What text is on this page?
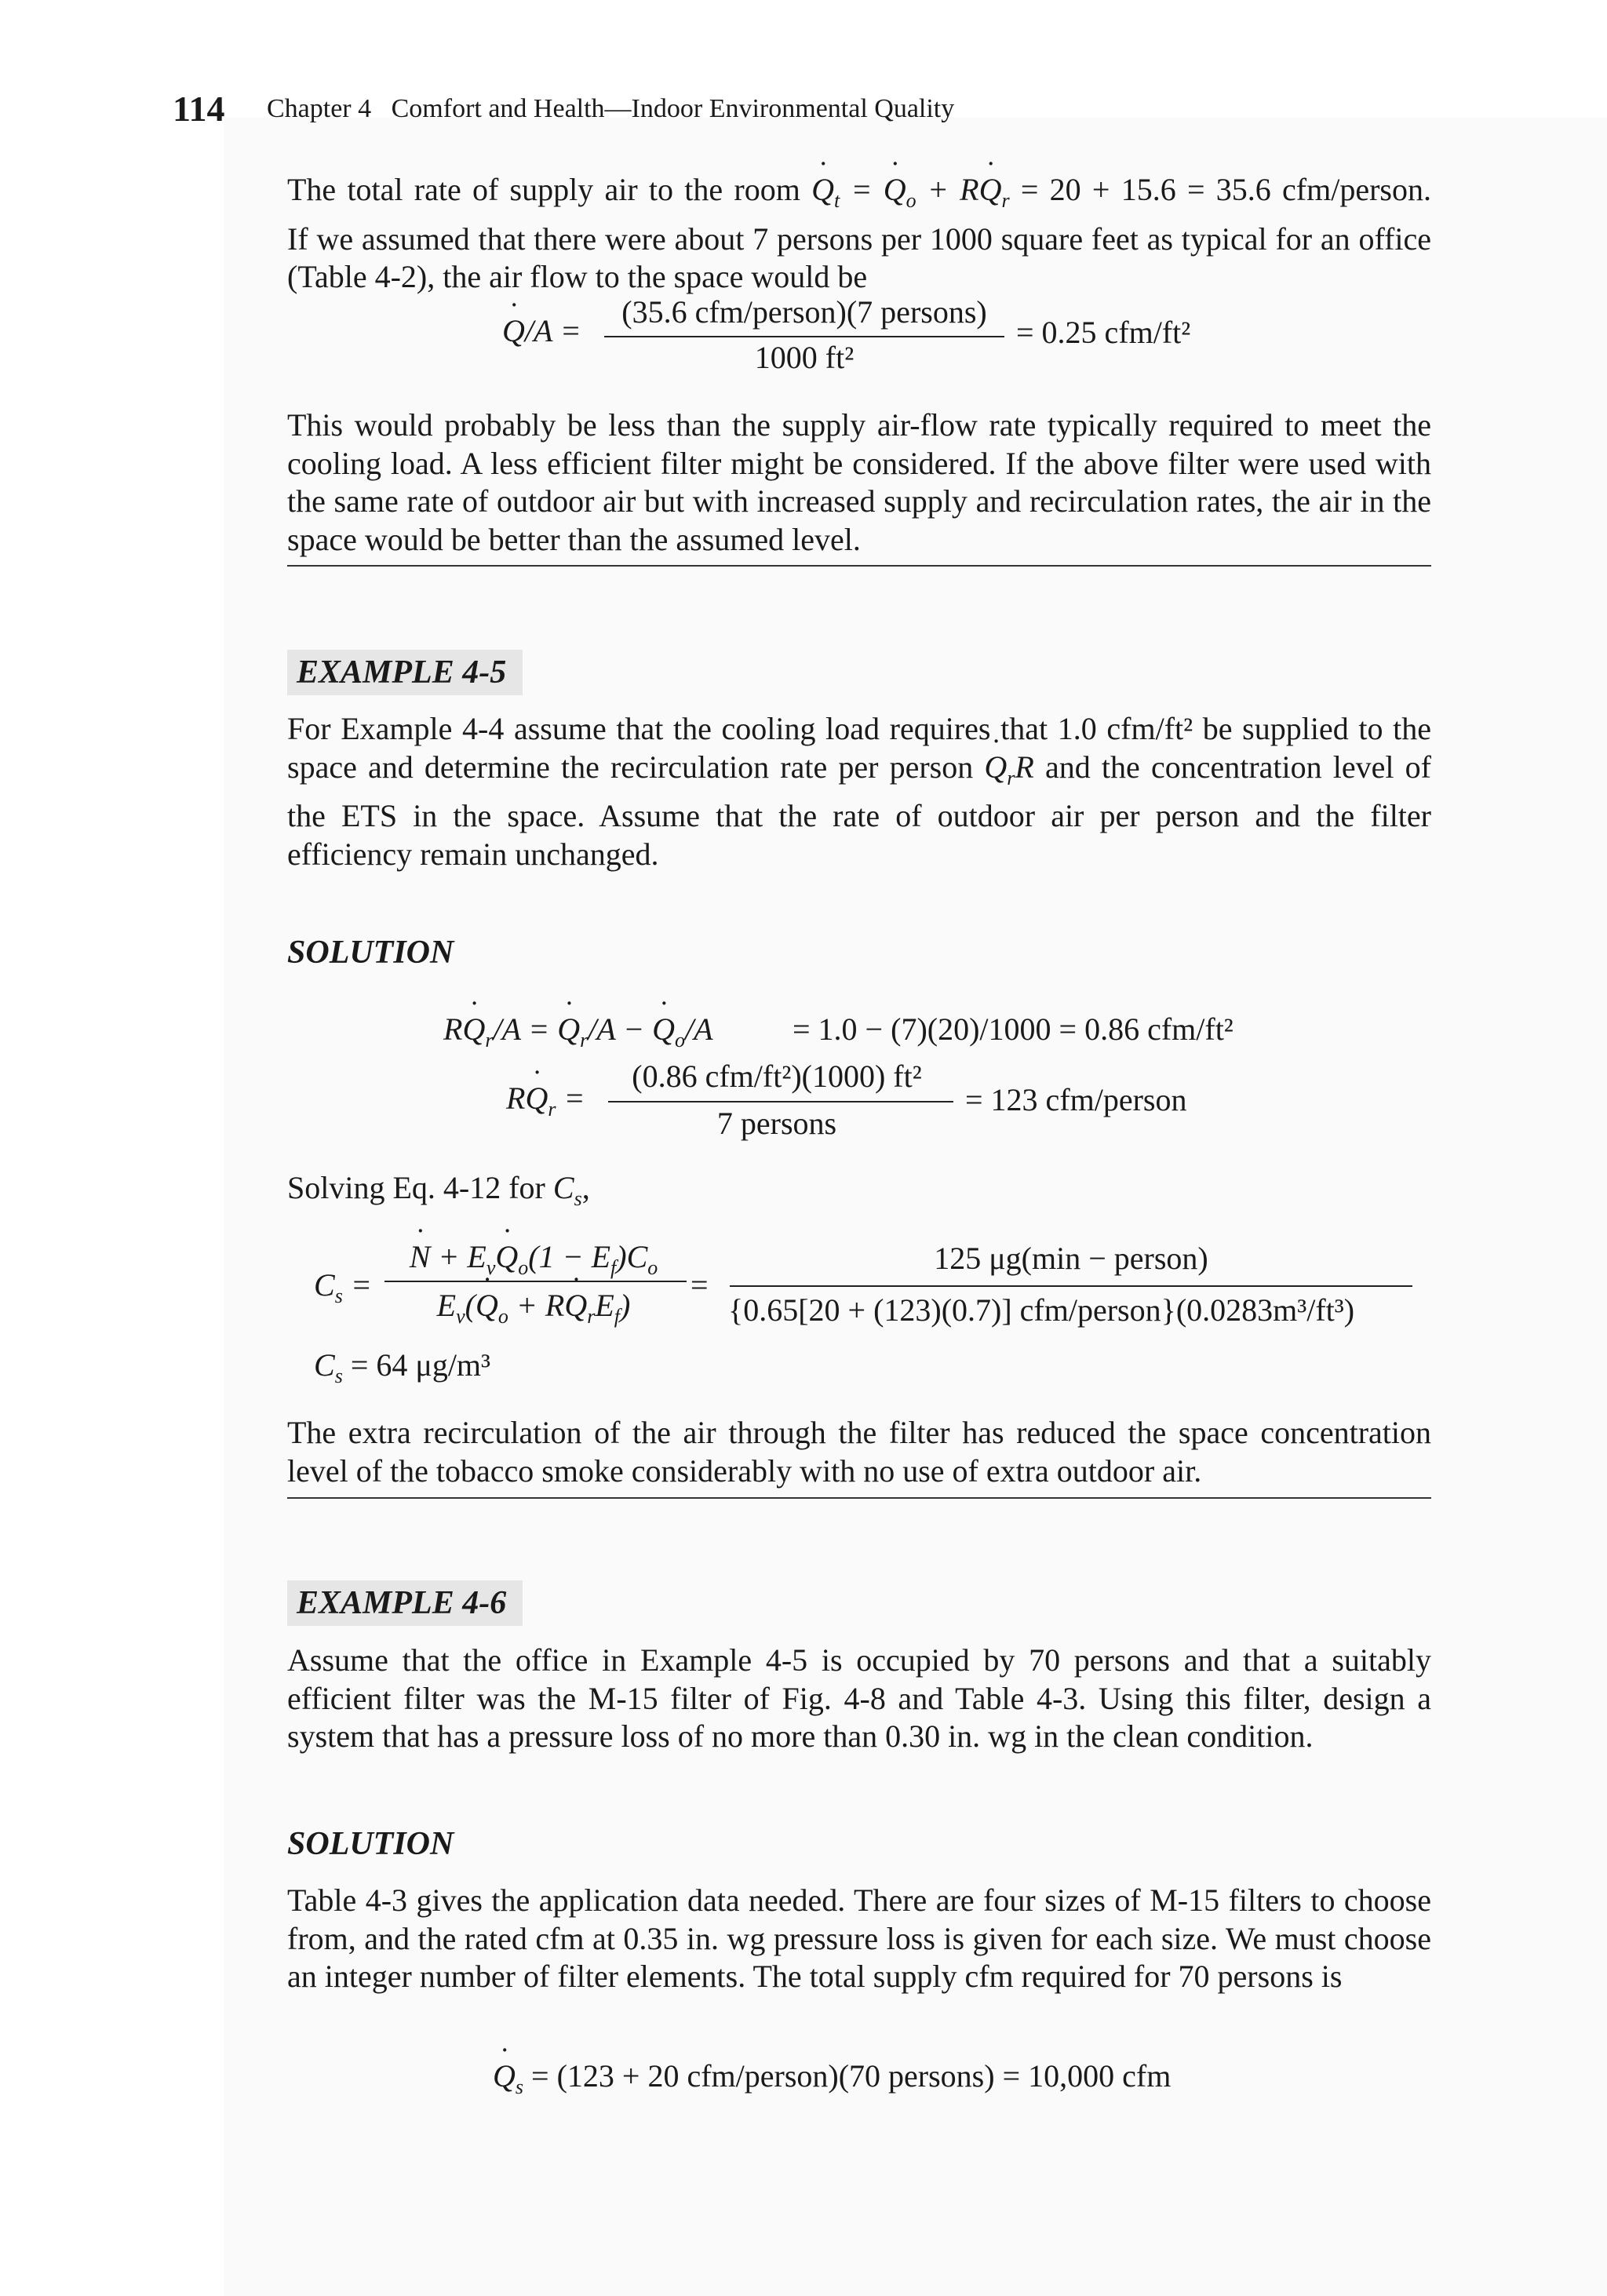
114 Chapter 4   Comfort and Health—Indoor Environmental Quality
The total rate of supply air to the room Q $˙_t = Q$ $˙_o$ + RQ $˙_r = 20 + 15.6 = 35.6$ cfm/person.
If we assumed that there were about 7 persons per 1000 square feet as typical for an office (Table 4-2), the air flow to the space would be
Q ˙/A =
(35.6 cfm/person)(7 persons)
1000 ft²
= 0.25 cfm/ft²
This would probably be less than the supply air-flow rate typically required to meet the cooling load. A less efficient filter might be considered. If the above filter were used with the same rate of outdoor air but with increased supply and recirculation rates, the air in the space would be better than the assumed level.
EXAMPLE 4-5
For Example 4-4 assume that the cooling load requires that 1.0 cfm/ft² be supplied to the space and determine the recirculation rate per person Q $˙_rR$ and the concentration level of the ETS in the space. Assume that the rate of outdoor air per person and the filter efficiency remain unchanged.
SOLUTION
RQ $˙_r/A = Q$ $˙_r/A - Q$ $˙_o/A$	= 1.0 − (7)(20)/1000 = 0.86 cfm/ft²
RQ $˙_r$ =
(0.86 cfm/ft²)(1000) ft²
7 persons
= 123 cfm/person
Solving Eq. 4-12 for $C_s$,
$C_s$ =
N ˙ + $E_vQ$ $˙_o(1 - E_f)C_o$
$E_v(Q$ $˙_o$ + RQ $˙_rE_f$)
=
125 μg(min − person)
{0.65[20 + (123)(0.7)] cfm/person}(0.0283m³/ft³)
$C_s = 64$ μg/m³
The extra recirculation of the air through the filter has reduced the space concentration level of the tobacco smoke considerably with no use of extra outdoor air.
EXAMPLE 4-6
Assume that the office in Example 4-5 is occupied by 70 persons and that a suitably efficient filter was the M-15 filter of Fig. 4-8 and Table 4-3. Using this filter, design a system that has a pressure loss of no more than 0.30 in. wg in the clean condition.
SOLUTION
Table 4-3 gives the application data needed. There are four sizes of M-15 filters to choose from, and the rated cfm at 0.35 in. wg pressure loss is given for each size. We must choose an integer number of filter elements. The total supply cfm required for 70 persons is
Q $˙_s = (123 + 20$ cfm/person)(70 persons) = 10,000 cfm
